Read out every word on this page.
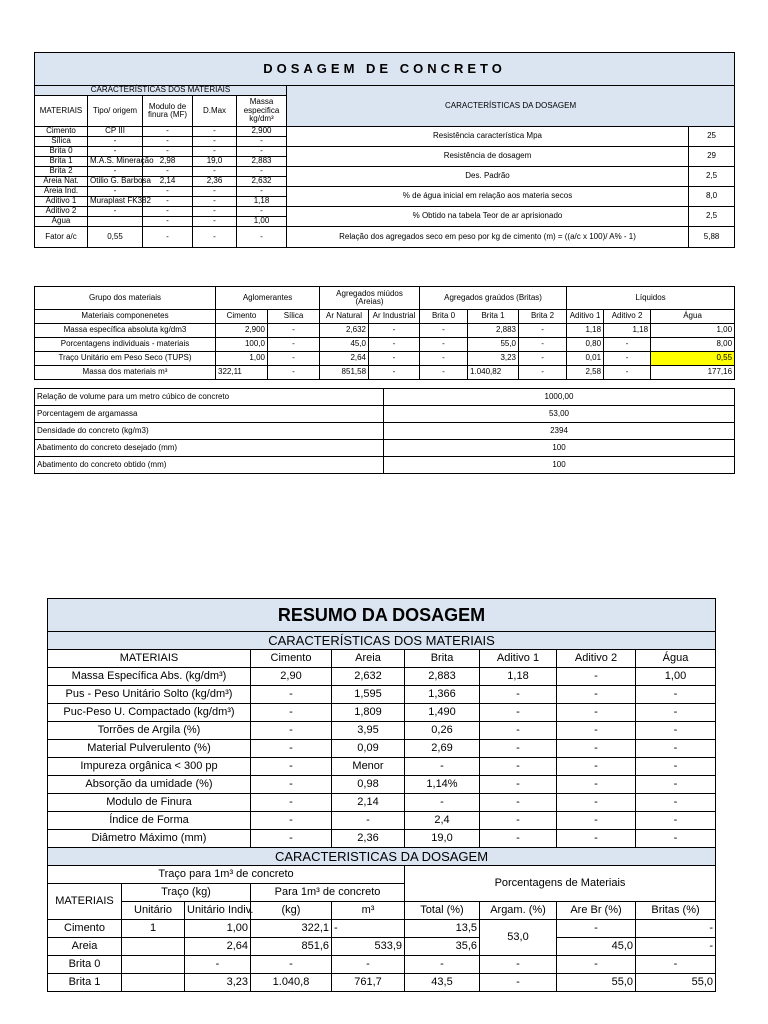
DOSAGEM DE CONCRETO						
CARACTERÍSTICAS DOS MATERIAIS					CARACTERÍSTICAS DA DOSAGEM	
MATERIAIS	Tipo/ origem	Modulo de finura (MF)	D.Max	Massa especifica kg/dm³		

Cimento	CP III	-	-	2,900	Resistência característica Mpa	25
Sílica	-	-	-	-		
Brita 0	-	-	-	-	Resistência de dosagem	29
Brita 1	M.A.S. Mineração	2,98	19,0	2,883		
Brita 2	-	-	-	-	Des. Padrão	2,5
Areia Nat.	Otilio G. Barbosa	2,14	2,36	2,632		
Areia Ind.	-	-	-	-	% de água inicial em relação aos materia secos	8,0
Aditivo 1	Muraplast FK382	-	-	1,18		
Aditivo 2	-	-	-	-	% Obtido na tabela Teor de ar aprisionado	2,5
Agua		-	-	1,00		
Fator a/c	0,55	-	-	-	Relação dos agregados seco em peso por kg de cimento (m) = ((a/c x 100)/ A% - 1)	5,88
Grupo dos materiais	Aglomerantes		Agregados miúdos (Areias)		Agregados graúdos (Britas)			Líquidos		
Materiais componenetes	Cimento	Sílica	Ar Natural	Ar Industrial	Brita 0	Brita 1	Brita 2	Aditivo 1	Aditivo 2	Água
Massa específica absoluta kg/dm3	2,900	-	2,632	-	-	2,883	-	1,18	1,18	1,00
Porcentagens individuais - materiais	100,0	-	45,0	-	-	55,0	-	0,80	-	8,00
Traço Unitário em Peso Seco (TUPS)	1,00	-	2,64	-	-	3,23	-	0,01	-	0,55
Massa dos materiais m³	322,11	-	851,58	-	-	1.040,82	-	2,58	-	177,16
Relação de volume para um metro cúbico de concreto	1000,00
Porcentagem de argamassa	53,00
Densidade do concreto (kg/m3)	2394
Abatimento do concreto desejado (mm)	100
Abatimento do concreto obtido (mm)	100
RESUMO DA DOSAGEM								
CARACTERÍSTICAS DOS MATERIAIS								
MATERIAIS			Cimento	Areia	Brita	Aditivo 1	Aditivo 2	Água
Massa Específica Abs. (kg/dm³)			2,90	2,632	2,883	1,18	-	1,00
Pus - Peso Unitário Solto (kg/dm³)			-	1,595	1,366	-	-	-
Puc-Peso U. Compactado (kg/dm³)			-	1,809	1,490	-	-	-
Torrões de Argila (%)			-	3,95	0,26	-	-	-
Material Pulverulento (%)			-	0,09	2,69	-	-	-
Impureza orgânica < 300 pp			-	Menor	-	-	-	-
Absorção da umidade (%)			-	0,98	1,14%	-	-	-
Modulo de Finura			-	2,14	-	-	-	-
Índice de Forma			-	-	2,4	-	-	-
Diâmetro Máximo (mm)			-	2,36	19,0	-	-	-
CARACTERISTICAS DA DOSAGEM								
Traço para 1m³ de concreto					Porcentagens de Materiais			
MATERIAIS	Traço (kg)		Para 1m³ de concreto					
	Unitário	Unitário Indiv.	(kg)	m³	Total (%)	Argam. (%)	Are Br (%)	Britas (%)
Cimento	1	1,00	322,1	-	13,5	53,0	-	-
Areia		2,64	851,6	533,9	35,6		45,0	-
Brita 0		-	-	-	-	-	-	-
Brita 1		3,23	1.040,8	761,7	43,5	-	55,0	55,0
